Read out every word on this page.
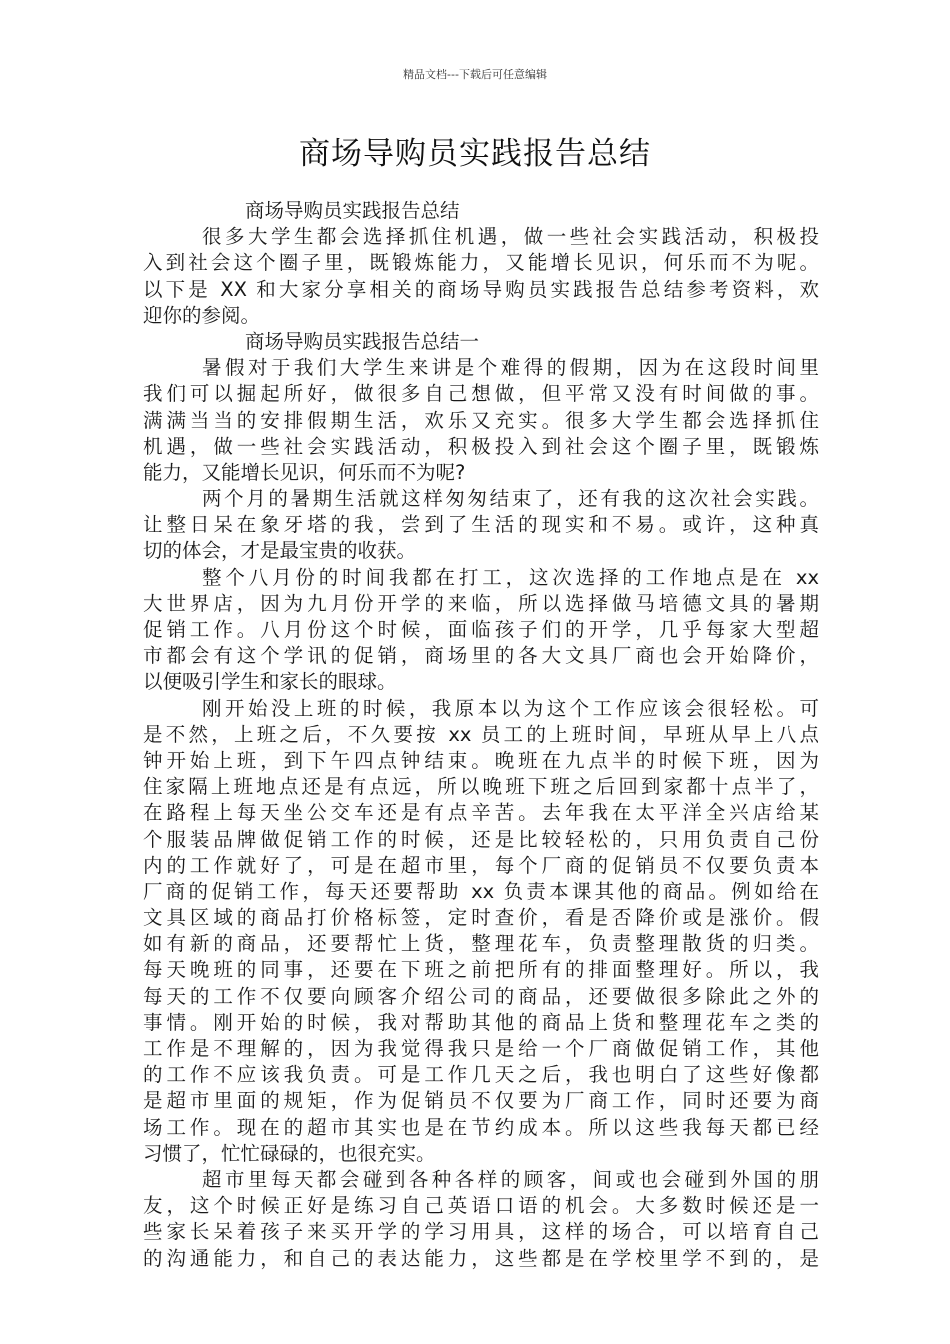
精品文档---下载后可任意编辑
商场导购员实践报告总结
商场导购员实践报告总结
很多大学生都会选择抓住机遇，做一些社会实践活动，积极投
入到社会这个圈子里，既锻炼能力，又能增长见识，何乐而不为呢。
以下是 XX 和大家分享相关的商场导购员实践报告总结参考资料，欢
迎你的参阅。
商场导购员实践报告总结一
暑假对于我们大学生来讲是个难得的假期，因为在这段时间里
我们可以掘起所好，做很多自己想做，但平常又没有时间做的事。
满满当当的安排假期生活，欢乐又充实。很多大学生都会选择抓住
机遇，做一些社会实践活动，积极投入到社会这个圈子里，既锻炼
能力，又能增长见识，何乐而不为呢?
两个月的暑期生活就这样匆匆结束了，还有我的这次社会实践。
让整日呆在象牙塔的我，尝到了生活的现实和不易。或许，这种真
切的体会，才是最宝贵的收获。
整个八月份的时间我都在打工，这次选择的工作地点是在 xx
大世界店，因为九月份开学的来临，所以选择做马培德文具的暑期
促销工作。八月份这个时候，面临孩子们的开学，几乎每家大型超
市都会有这个学讯的促销，商场里的各大文具厂商也会开始降价，
以便吸引学生和家长的眼球。
刚开始没上班的时候，我原本以为这个工作应该会很轻松。可
是不然，上班之后，不久要按 xx 员工的上班时间，早班从早上八点
钟开始上班，到下午四点钟结束。晚班在九点半的时候下班，因为
住家隔上班地点还是有点远，所以晚班下班之后回到家都十点半了，
在路程上每天坐公交车还是有点辛苦。去年我在太平洋全兴店给某
个服装品牌做促销工作的时候，还是比较轻松的，只用负责自己份
内的工作就好了，可是在超市里，每个厂商的促销员不仅要负责本
厂商的促销工作，每天还要帮助 xx 负责本课其他的商品。例如给在
文具区域的商品打价格标签，定时查价，看是否降价或是涨价。假
如有新的商品，还要帮忙上货，整理花车，负责整理散货的归类。
每天晚班的同事，还要在下班之前把所有的排面整理好。所以，我
每天的工作不仅要向顾客介绍公司的商品，还要做很多除此之外的
事情。刚开始的时候，我对帮助其他的商品上货和整理花车之类的
工作是不理解的，因为我觉得我只是给一个厂商做促销工作，其他
的工作不应该我负责。可是工作几天之后，我也明白了这些好像都
是超市里面的规矩，作为促销员不仅要为厂商工作，同时还要为商
场工作。现在的超市其实也是在节约成本。所以这些我每天都已经
习惯了，忙忙碌碌的，也很充实。
超市里每天都会碰到各种各样的顾客，间或也会碰到外国的朋
友，这个时候正好是练习自己英语口语的机会。大多数时候还是一
些家长呆着孩子来买开学的学习用具，这样的场合，可以培育自己
的沟通能力，和自己的表达能力，这些都是在学校里学不到的，是
